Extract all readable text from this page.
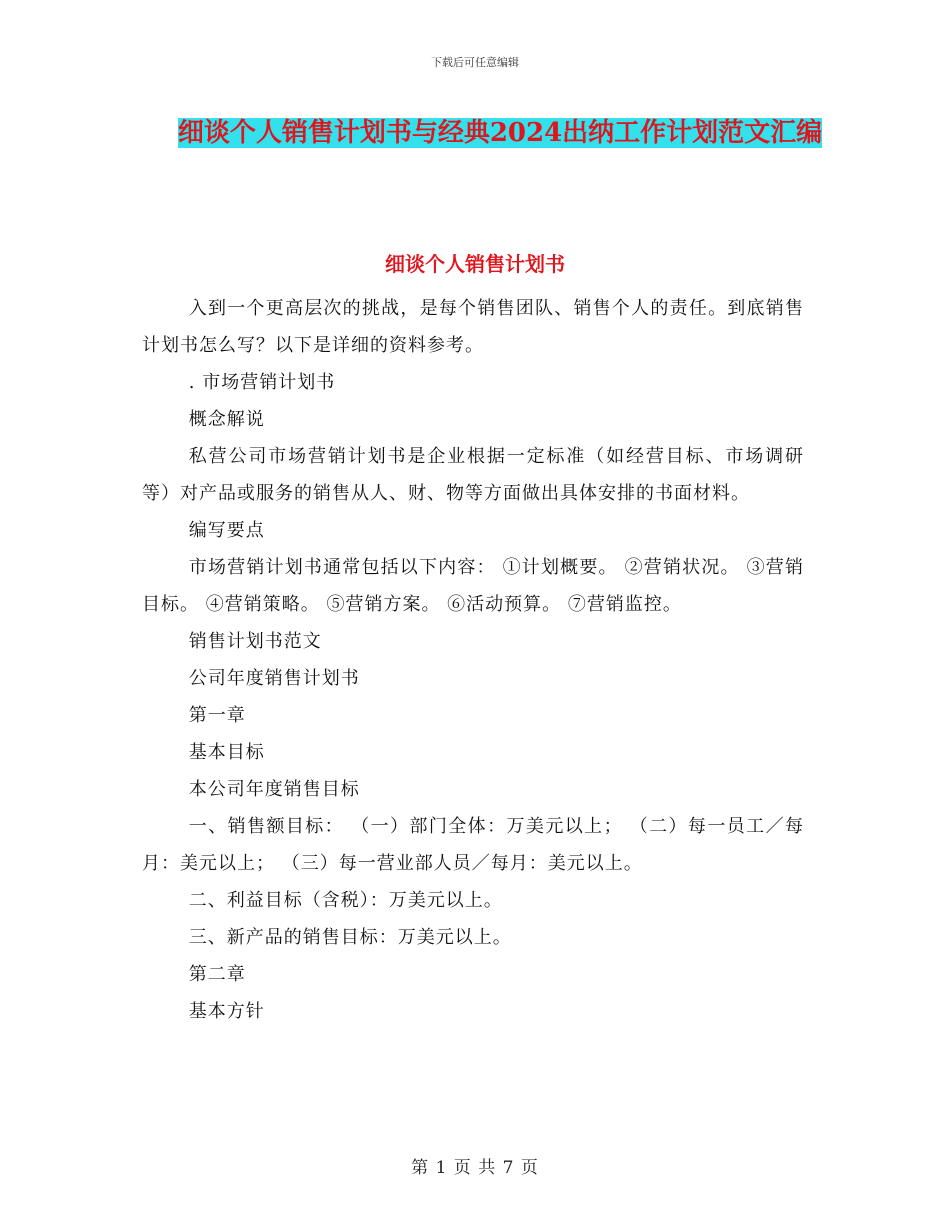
下载后可任意编辑
细谈个人销售计划书与经典2024出纳工作计划范文汇编
细谈个人销售计划书

入到一个更高层次的挑战，是每个销售团队、销售个人的责任。到底销售计划书怎么写？以下是详细的资料参考。

. 市场营销计划书

概念解说

私营公司市场营销计划书是企业根据一定标准（如经营目标、市场调研等）对产品或服务的销售从人、财、物等方面做出具体安排的书面材料。

编写要点

市场营销计划书通常包括以下内容： ①计划概要。 ②营销状况。 ③营销目标。 ④营销策略。 ⑤营销方案。 ⑥活动预算。 ⑦营销监控。

销售计划书范文

公司年度销售计划书

第一章

基本目标

本公司年度销售目标

一、销售额目标： （一）部门全体：万美元以上； （二）每一员工／每月：美元以上； （三）每一营业部人员／每月：美元以上。

二、利益目标（含税）：万美元以上。

三、新产品的销售目标：万美元以上。

第二章

基本方针

第 1 页 共 7 页
